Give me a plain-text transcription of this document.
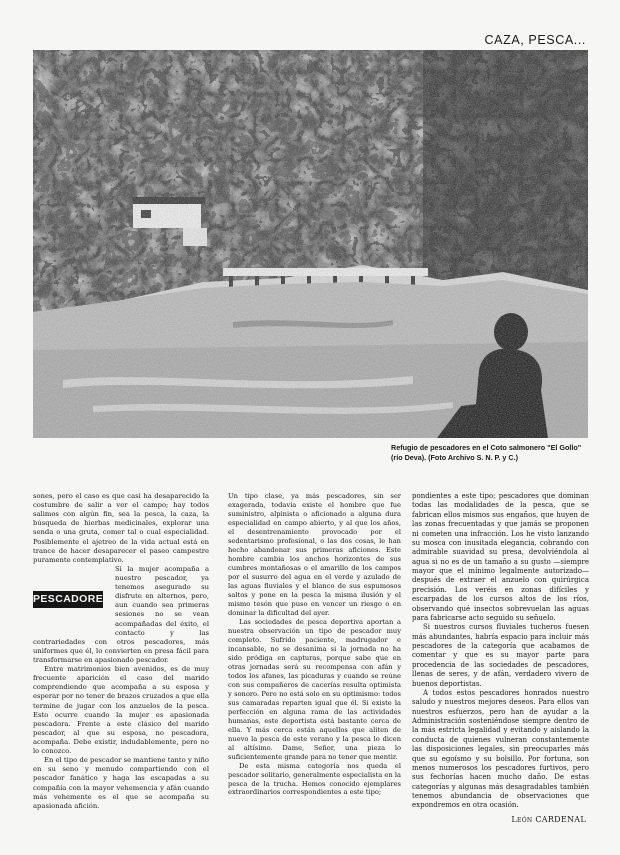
CAZA, PESCA...
Refugio de pescadores en el Coto salmonero "El Gollo" (río Deva). (Foto Archivo S. N. P. y C.)

sones, pero el caso es que casi ha desaparecido la costumbre de salir a ver el campo; hay todos salimos con algún fin, sea la pesca, la caza, la búsqueda de hierbas medicinales, explorar una senda o una gruta, comer tal o cual especialidad. Posiblemente el ajetreo de la vida actual está en trance de hacer desaparecer el paseo campestre puramente contemplativo.

PESCADORES

Si la mujer acompaña a nuestro pescador, ya tenemos asegurado su disfrute en alternos, pero, aun cuando sea primeras sesiones no se vean acompañadas del éxito, el contacto y las contrariedades con otros pescadores, más uniformes que él, lo convierten en presa fácil para transformarse en apasionado pescador.

Entre matrimonios bien avenidos, es de muy frecuente aparición el caso del marido comprendiendo que acompaña a su esposa y esperar por no tener de brazos cruzados a que ella termine de jugar con los anzuelos de la pesca. Esto ocurre cuando la mujer es apasionada pescadora. Frente a este clásico del marido pescador, al que su esposa, no pescadora, acompaña. Debe existir, indudablemente, pero no lo conozco.

En el tipo de pescador se mantiene tanto y niño en su seno y menudo compartiendo con el pescador fanático y haga las escapadas a su compañía con la mayor vehemencia y afán cuando más vehemente es el que se acompaña su apasionada afición.

Un tipo clase, ya más pescadores, sin ser exagerada, todavía existe el hombre que fue suministro, alpinista o aficionado a alguna dura especialidad en campo abierto, y al que los años, el desentrenamiento provocado por el sedentarismo profesional, o las dos cosas, le han hecho abandonar sus primeras aficiones. Este hombre cambia los anchos horizontes de sus cumbres montañosas o el amarillo de los campos por el susurro del agua en el verde y azulado de las aguas fluviales y el blanco de sus espumosos saltos y pone en la pesca la misma ilusión y el mismo tesón que puso en vencer un riesgo o en dominar la dificultad del ayer.

Las sociedades de pesca deportiva aportan a nuestra observación un tipo de pescador muy completo. Sufrido paciente, madrugador e incansable, no se desanima si la jornada no ha sido pródiga en capturas, porque sabe que en otras jornadas será su recompensa con afán y todos los afanes, las picaduras y cuando se reúne con sus compañeros de cacerías resulta optimista y sonoro. Pero no está solo en su optimismo: todos sus camaradas reparten igual que él. Si existe la perfección en alguna rama de las actividades humanas, este deportista está bastante cerca de ella. Y más cerca están aquellos que aliten de nuevo la pesca de este verano y la pesca lo dicen al altísimo. Dame, Señor, una pieza lo suficientemente grande para no tener que mentir.

De esta misma categoría nos queda el pescador solitario, generalmente especialista en la pesca de la trucha. Hemos conocido ejemplares extraordinarios correspondientes a este tipo;

pondientes a este tipo; pescadores que dominan todas las modalidades de la pesca, que se fabrican ellos mismos sus engaños, que huyen de las zonas frecuentadas y que jamás se proponen ni cometen una infracción. Los he visto lanzando su mosca con inusitada elegancia, cobrando con admirable suavidad su presa, devolviéndola al agua si no es de un tamaño a su gusto —siempre mayor que el mínimo legalmente autorizado— después de extraer el anzuelo con quirúrgica precisión. Los veréis en zonas difíciles y escarpadas de los cursos altos de los ríos, observando qué insectos sobrevuelan las aguas para fabricarse acto seguido su señuelo.

Si nuestros cursos fluviales tucheros fuesen más abundantes, habría espacio para incluir más pescadores de la categoría que acabamos de comentar y que es su mayor parte para procedencia de las sociedades de pescadores, llenas de seres, y de afán, verdadero vivero de buenos deportistas.

A todos estos pescadores honrados nuestro saludo y nuestros mejores deseos. Para ellos van nuestros esfuerzos, pero han de ayudar a la Administración sosteniéndose siempre dentro de la más estricta legalidad y evitando y aislando la conducta de quienes vulneran constantemente las disposiciones legales, sin preocuparles más que su egoísmo y su bolsillo. Por fortuna, son menos numerosos los pescadores furtivos, pero sus fechorías hacen mucho daño. De estas categorías y algunas más desagradables también tenemos abundancia de observaciones que expondremos en otra ocasión.

León CARDENAL
